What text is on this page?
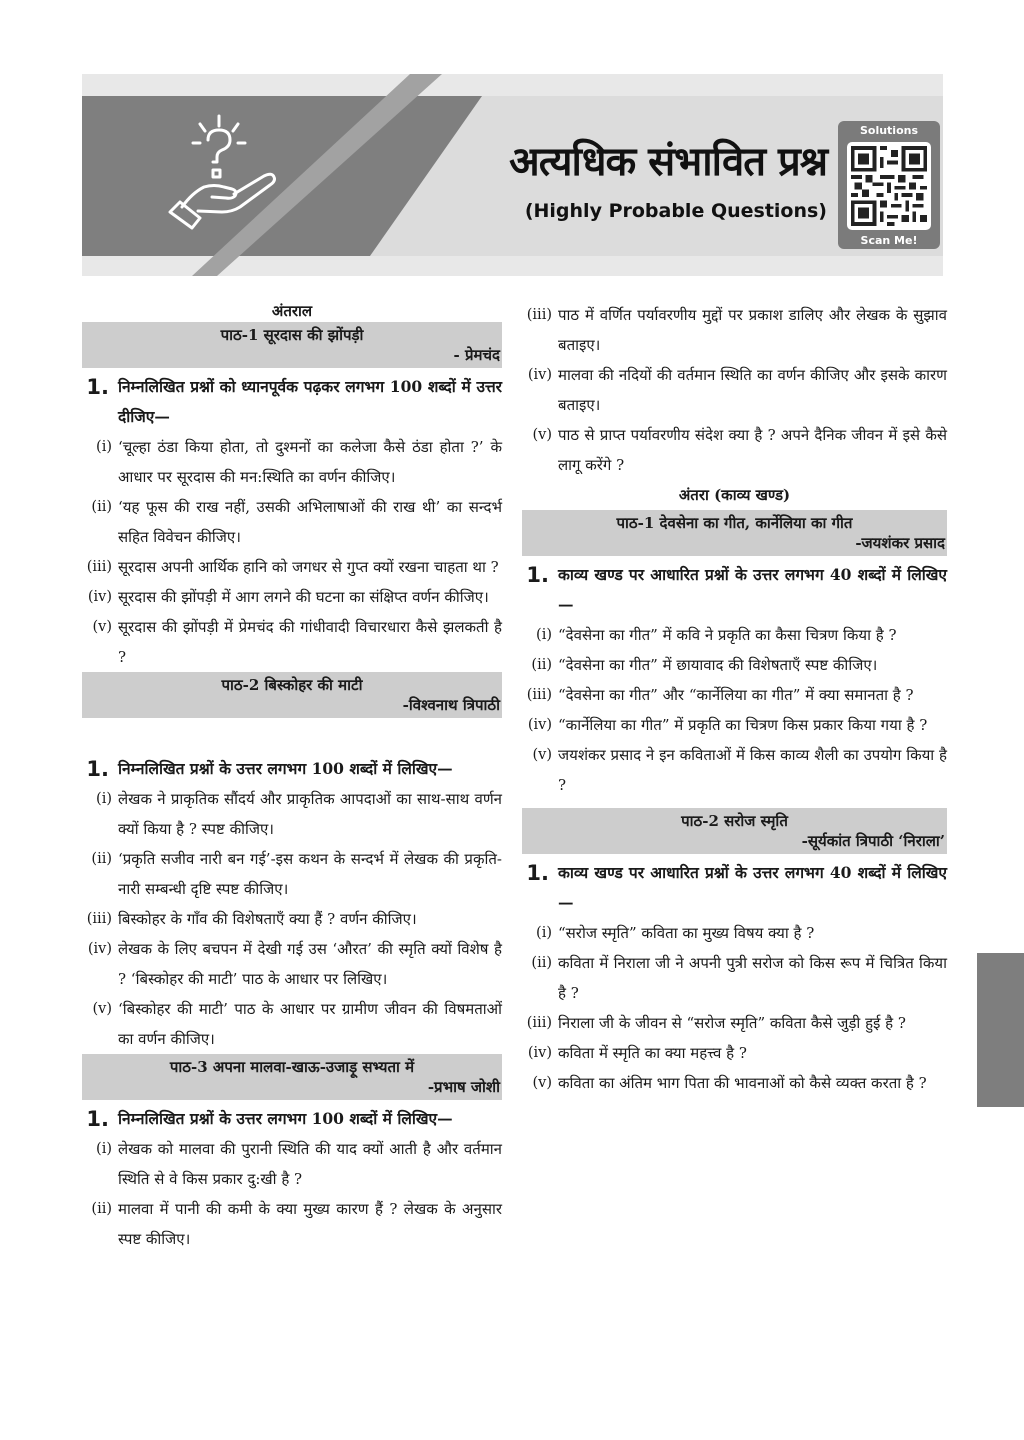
अत्यधिक संभावित प्रश्न
(Highly Probable Questions)
Solutions
Scan Me!
अंतराल
पाठ-1 सूरदास की झोंपड़ी
- प्रेमचंद
1. निम्नलिखित प्रश्नों को ध्यानपूर्वक पढ़कर लगभग 100 शब्दों में उत्तर दीजिए—
(i) ‘चूल्हा ठंडा किया होता, तो दुश्मनों का कलेजा कैसे ठंडा होता ?’ के आधार पर सूरदास की मन:स्थिति का वर्णन कीजिए।
(ii) ‘यह फूस की राख नहीं, उसकी अभिलाषाओं की राख थी’ का सन्दर्भ सहित विवेचन कीजिए।
(iii) सूरदास अपनी आर्थिक हानि को जगधर से गुप्त क्यों रखना चाहता था ?
(iv) सूरदास की झोंपड़ी में आग लगने की घटना का संक्षिप्त वर्णन कीजिए।
(v) सूरदास की झोंपड़ी में प्रेमचंद की गांधीवादी विचारधारा कैसे झलकती है ?
पाठ-2 बिस्कोहर की माटी
-विश्वनाथ त्रिपाठी
1. निम्नलिखित प्रश्नों के उत्तर लगभग 100 शब्दों में लिखिए—
(i) लेखक ने प्राकृतिक सौंदर्य और प्राकृतिक आपदाओं का साथ-साथ वर्णन क्यों किया है ? स्पष्ट कीजिए।
(ii) ‘प्रकृति सजीव नारी बन गई’-इस कथन के सन्दर्भ में लेखक की प्रकृति-नारी सम्बन्धी दृष्टि स्पष्ट कीजिए।
(iii) बिस्कोहर के गाँव की विशेषताएँ क्या हैं ? वर्णन कीजिए।
(iv) लेखक के लिए बचपन में देखी गई उस ‘औरत’ की स्मृति क्यों विशेष है ? ‘बिस्कोहर की माटी’ पाठ के आधार पर लिखिए।
(v) ‘बिस्कोहर की माटी’ पाठ के आधार पर ग्रामीण जीवन की विषमताओं का वर्णन कीजिए।
पाठ-3 अपना मालवा-खाऊ-उजाड़ू सभ्यता में
-प्रभाष जोशी
1. निम्नलिखित प्रश्नों के उत्तर लगभग 100 शब्दों में लिखिए—
(i) लेखक को मालवा की पुरानी स्थिति की याद क्यों आती है और वर्तमान स्थिति से वे किस प्रकार दु:खी है ?
(ii) मालवा में पानी की कमी के क्या मुख्य कारण हैं ? लेखक के अनुसार स्पष्ट कीजिए।
(iii) पाठ में वर्णित पर्यावरणीय मुद्दों पर प्रकाश डालिए और लेखक के सुझाव बताइए।
(iv) मालवा की नदियों की वर्तमान स्थिति का वर्णन कीजिए और इसके कारण बताइए।
(v) पाठ से प्राप्त पर्यावरणीय संदेश क्या है ? अपने दैनिक जीवन में इसे कैसे लागू करेंगे ?
अंतरा (काव्य खण्ड)
पाठ-1 देवसेना का गीत, कार्नेलिया का गीत
-जयशंकर प्रसाद
1. काव्य खण्ड पर आधारित प्रश्नों के उत्तर लगभग 40 शब्दों में लिखिए—
(i) “देवसेना का गीत” में कवि ने प्रकृति का कैसा चित्रण किया है ?
(ii) “देवसेना का गीत” में छायावाद की विशेषताएँ स्पष्ट कीजिए।
(iii) “देवसेना का गीत” और “कार्नेलिया का गीत” में क्या समानता है ?
(iv) “कार्नेलिया का गीत” में प्रकृति का चित्रण किस प्रकार किया गया है ?
(v) जयशंकर प्रसाद ने इन कविताओं में किस काव्य शैली का उपयोग किया है ?
पाठ-2 सरोज स्मृति
-सूर्यकांत त्रिपाठी ‘निराला’
1. काव्य खण्ड पर आधारित प्रश्नों के उत्तर लगभग 40 शब्दों में लिखिए—
(i) “सरोज स्मृति” कविता का मुख्य विषय क्या है ?
(ii) कविता में निराला जी ने अपनी पुत्री सरोज को किस रूप में चित्रित किया है ?
(iii) निराला जी के जीवन से “सरोज स्मृति” कविता कैसे जुड़ी हुई है ?
(iv) कविता में स्मृति का क्या महत्त्व है ?
(v) कविता का अंतिम भाग पिता की भावनाओं को कैसे व्यक्त करता है ?
